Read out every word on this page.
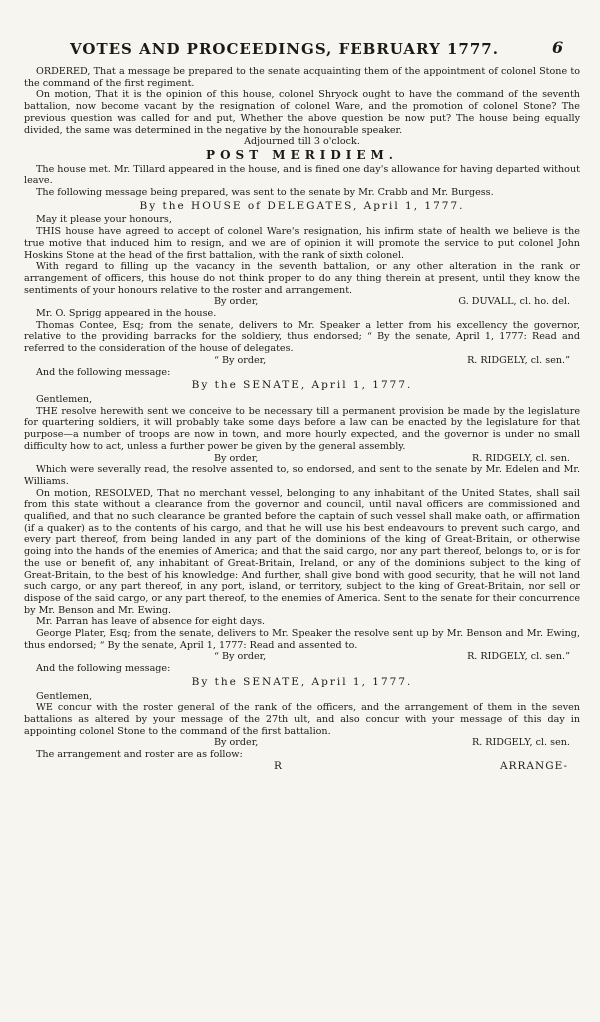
VOTES AND PROCEEDINGS, FEBRUARY 1777.	6

ORDERED, That a message be prepared to the senate acquainting them of the appointment of colonel Stone to the command of the first regiment.

On motion, That it is the opinion of this house, colonel Shryock ought to have the command of the seventh battalion, now become vacant by the resignation of colonel Ware, and the promotion of colonel Stone? The previous question was called for and put, Whether the above question be now put? The house being equally divided, the same was determined in the negative by the honourable speaker.

Adjourned till 3 o'clock.

POST MERIDIEM.

The house met. Mr. Tillard appeared in the house, and is fined one day's allowance for having departed without leave.

The following message being prepared, was sent to the senate by Mr. Crabb and Mr. Burgess.

By the HOUSE of DELEGATES, April 1, 1777.

May it please your honours,

THIS house have agreed to accept of colonel Ware's resignation, his infirm state of health we believe is the true motive that induced him to resign, and we are of opinion it will promote the service to put colonel John Hoskins Stone at the head of the first battalion, with the rank of sixth colonel.

With regard to filling up the vacancy in the seventh battalion, or any other alteration in the rank or arrangement of officers, this house do not think proper to do any thing therein at present, until they know the sentiments of your honours relative to the roster and arrangement.

By order,	G. DUVALL, cl. ho. del.

Mr. O. Sprigg appeared in the house.

Thomas Contee, Esq; from the senate, delivers to Mr. Speaker a letter from his excellency the governor, relative to the providing barracks for the soldiery, thus endorsed; “ By the senate, April 1, 1777: Read and referred to the consideration of the house of delegates.

“ By order,	R. RIDGELY, cl. sen.”

And the following message:

By the SENATE, April 1, 1777.

Gentlemen,

THE resolve herewith sent we conceive to be necessary till a permanent provision be made by the legislature for quartering soldiers, it will probably take some days before a law can be enacted by the legislature for that purpose—a number of troops are now in town, and more hourly expected, and the governor is under no small difficulty how to act, unless a further power be given by the general assembly.

By order,	R. RIDGELY, cl. sen.

Which were severally read, the resolve assented to, so endorsed, and sent to the senate by Mr. Edelen and Mr. Williams.

On motion, RESOLVED, That no merchant vessel, belonging to any inhabitant of the United States, shall sail from this state without a clearance from the governor and council, until naval officers are commissioned and qualified, and that no such clearance be granted before the captain of such vessel shall make oath, or affirmation (if a quaker) as to the contents of his cargo, and that he will use his best endeavours to prevent such cargo, and every part thereof, from being landed in any part of the dominions of the king of Great-Britain, or otherwise going into the hands of the enemies of America; and that the said cargo, nor any part thereof, belongs to, or is for the use or benefit of, any inhabitant of Great-Britain, Ireland, or any of the dominions subject to the king of Great-Britain, to the best of his knowledge: And further, shall give bond with good security, that he will not land such cargo, or any part thereof, in any port, island, or territory, subject to the king of Great-Britain, nor sell or dispose of the said cargo, or any part thereof, to the enemies of America. Sent to the senate for their concurrence by Mr. Benson and Mr. Ewing.

Mr. Parran has leave of absence for eight days.

George Plater, Esq; from the senate, delivers to Mr. Speaker the resolve sent up by Mr. Benson and Mr. Ewing, thus endorsed; “ By the senate, April 1, 1777: Read and assented to.

“ By order,	R. RIDGELY, cl. sen.”

And the following message:

By the SENATE, April 1, 1777.

Gentlemen,

WE concur with the roster general of the rank of the officers, and the arrangement of them in the seven battalions as altered by your message of the 27th ult, and also concur with your message of this day in appointing colonel Stone to the command of the first battalion.

By order,	R. RIDGELY, cl. sen.

The arrangement and roster are as follow:

R	ARRANGE-
